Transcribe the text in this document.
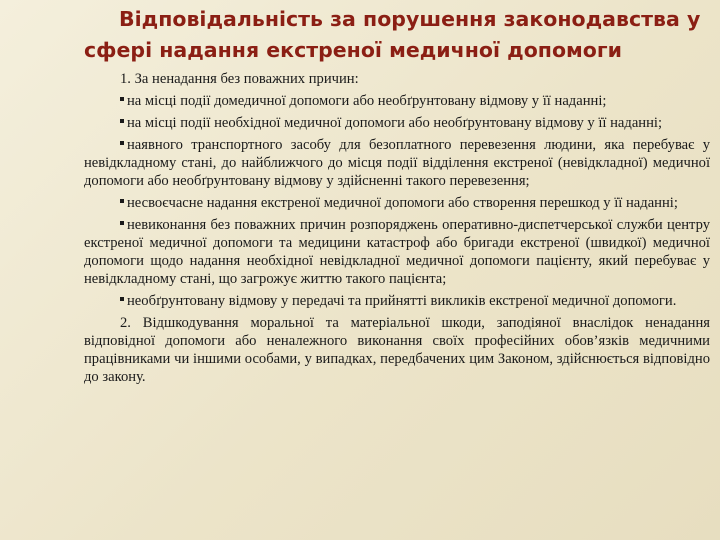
Відповідальність за порушення законодавства у сфері надання екстреної медичної допомоги

1. За ненадання без поважних причин:

на місці події домедичної допомоги або необґрунтовану відмову у її наданні;

на місці події необхідної медичної допомоги або необґрунтовану відмову у її наданні;

наявного транспортного засобу для безоплатного перевезення людини, яка перебуває у невідкладному стані, до найближчого до місця події відділення екстреної (невідкладної) медичної допомоги або необґрунтовану відмову у здійсненні такого перевезення;

несвоєчасне надання екстреної медичної допомоги або створення перешкод у її наданні;

невиконання без поважних причин розпоряджень оперативно-диспетчерської служби центру екстреної медичної допомоги та медицини катастроф або бригади екстреної (швидкої) медичної допомоги щодо надання необхідної невідкладної медичної допомоги пацієнту, який перебуває у невідкладному стані, що загрожує життю такого пацієнта;

необґрунтовану відмову у передачі та прийнятті викликів екстреної медичної допомоги.

2. Відшкодування моральної та матеріальної шкоди, заподіяної внаслідок ненадання відповідної допомоги або неналежного виконання своїх професійних обов’язків медичними працівниками чи іншими особами, у випадках, передбачених цим Законом, здійснюється відповідно до закону.
